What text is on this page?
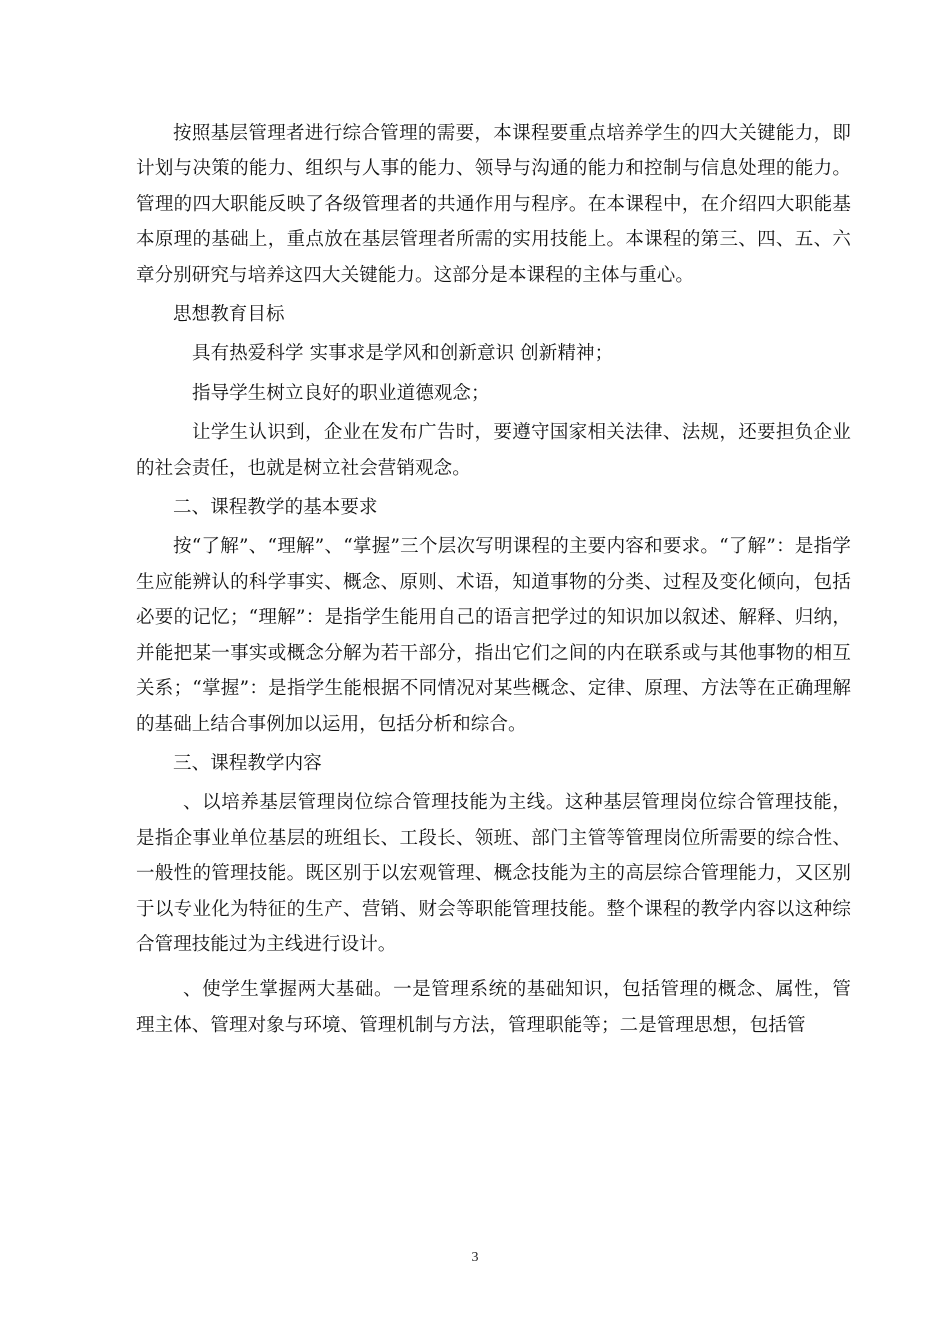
按照基层管理者进行综合管理的需要，本课程要重点培养学生的四大关键能力，即计划与决策的能力、组织与人事的能力、领导与沟通的能力和控制与信息处理的能力。管理的四大职能反映了各级管理者的共通作用与程序。在本课程中，在介绍四大职能基本原理的基础上，重点放在基层管理者所需的实用技能上。本课程的第三、四、五、六章分别研究与培养这四大关键能力。这部分是本课程的主体与重心。

思想教育目标

具有热爱科学 实事求是学风和创新意识 创新精神；

指导学生树立良好的职业道德观念；

让学生认识到，企业在发布广告时，要遵守国家相关法律、法规，还要担负企业的社会责任，也就是树立社会营销观念。

二、课程教学的基本要求

按“了解”、“理解”、“掌握”三个层次写明课程的主要内容和要求。“了解”：是指学生应能辨认的科学事实、概念、原则、术语，知道事物的分类、过程及变化倾向，包括必要的记忆；“理解”：是指学生能用自己的语言把学过的知识加以叙述、解释、归纳，并能把某一事实或概念分解为若干部分，指出它们之间的内在联系或与其他事物的相互关系；“掌握”：是指学生能根据不同情况对某些概念、定律、原理、方法等在正确理解的基础上结合事例加以运用，包括分析和综合。

三、课程教学内容

、以培养基层管理岗位综合管理技能为主线。这种基层管理岗位综合管理技能，是指企事业单位基层的班组长、工段长、领班、部门主管等管理岗位所需要的综合性、一般性的管理技能。既区别于以宏观管理、概念技能为主的高层综合管理能力，又区别于以专业化为特征的生产、营销、财会等职能管理技能。整个课程的教学内容以这种综合管理技能过为主线进行设计。

、使学生掌握两大基础。一是管理系统的基础知识，包括管理的概念、属性，管理主体、管理对象与环境、管理机制与方法，管理职能等；二是管理思想，包括管

3
